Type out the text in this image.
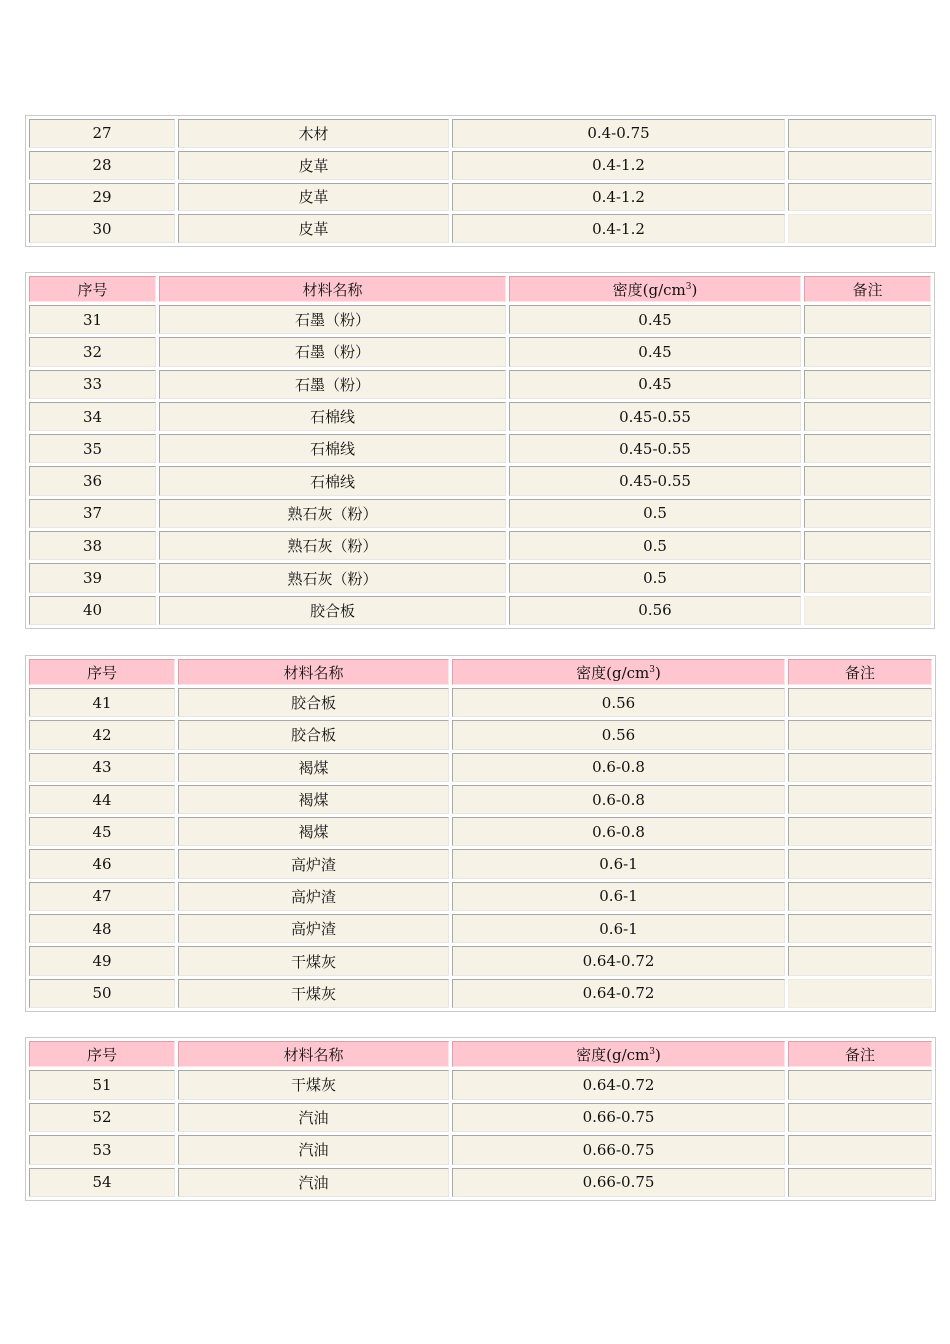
27	木材	0.4-0.75	
28	皮革	0.4-1.2	
29	皮革	0.4-1.2	
30	皮革	0.4-1.2	
序号	材料名称	密度$(g/cm^3)$	备注
31	石墨（粉）	0.45	
32	石墨（粉）	0.45	
33	石墨（粉）	0.45	
34	石棉线	0.45-0.55	
35	石棉线	0.45-0.55	
36	石棉线	0.45-0.55	
37	熟石灰（粉）	0.5	
38	熟石灰（粉）	0.5	
39	熟石灰（粉）	0.5	
40	胶合板	0.56	
序号	材料名称	密度$(g/cm^3)$	备注
41	胶合板	0.56	
42	胶合板	0.56	
43	褐煤	0.6-0.8	
44	褐煤	0.6-0.8	
45	褐煤	0.6-0.8	
46	高炉渣	0.6-1	
47	高炉渣	0.6-1	
48	高炉渣	0.6-1	
49	干煤灰	0.64-0.72	
50	干煤灰	0.64-0.72	
序号	材料名称	密度$(g/cm^3)$	备注
51	干煤灰	0.64-0.72	
52	汽油	0.66-0.75	
53	汽油	0.66-0.75	
54	汽油	0.66-0.75	
